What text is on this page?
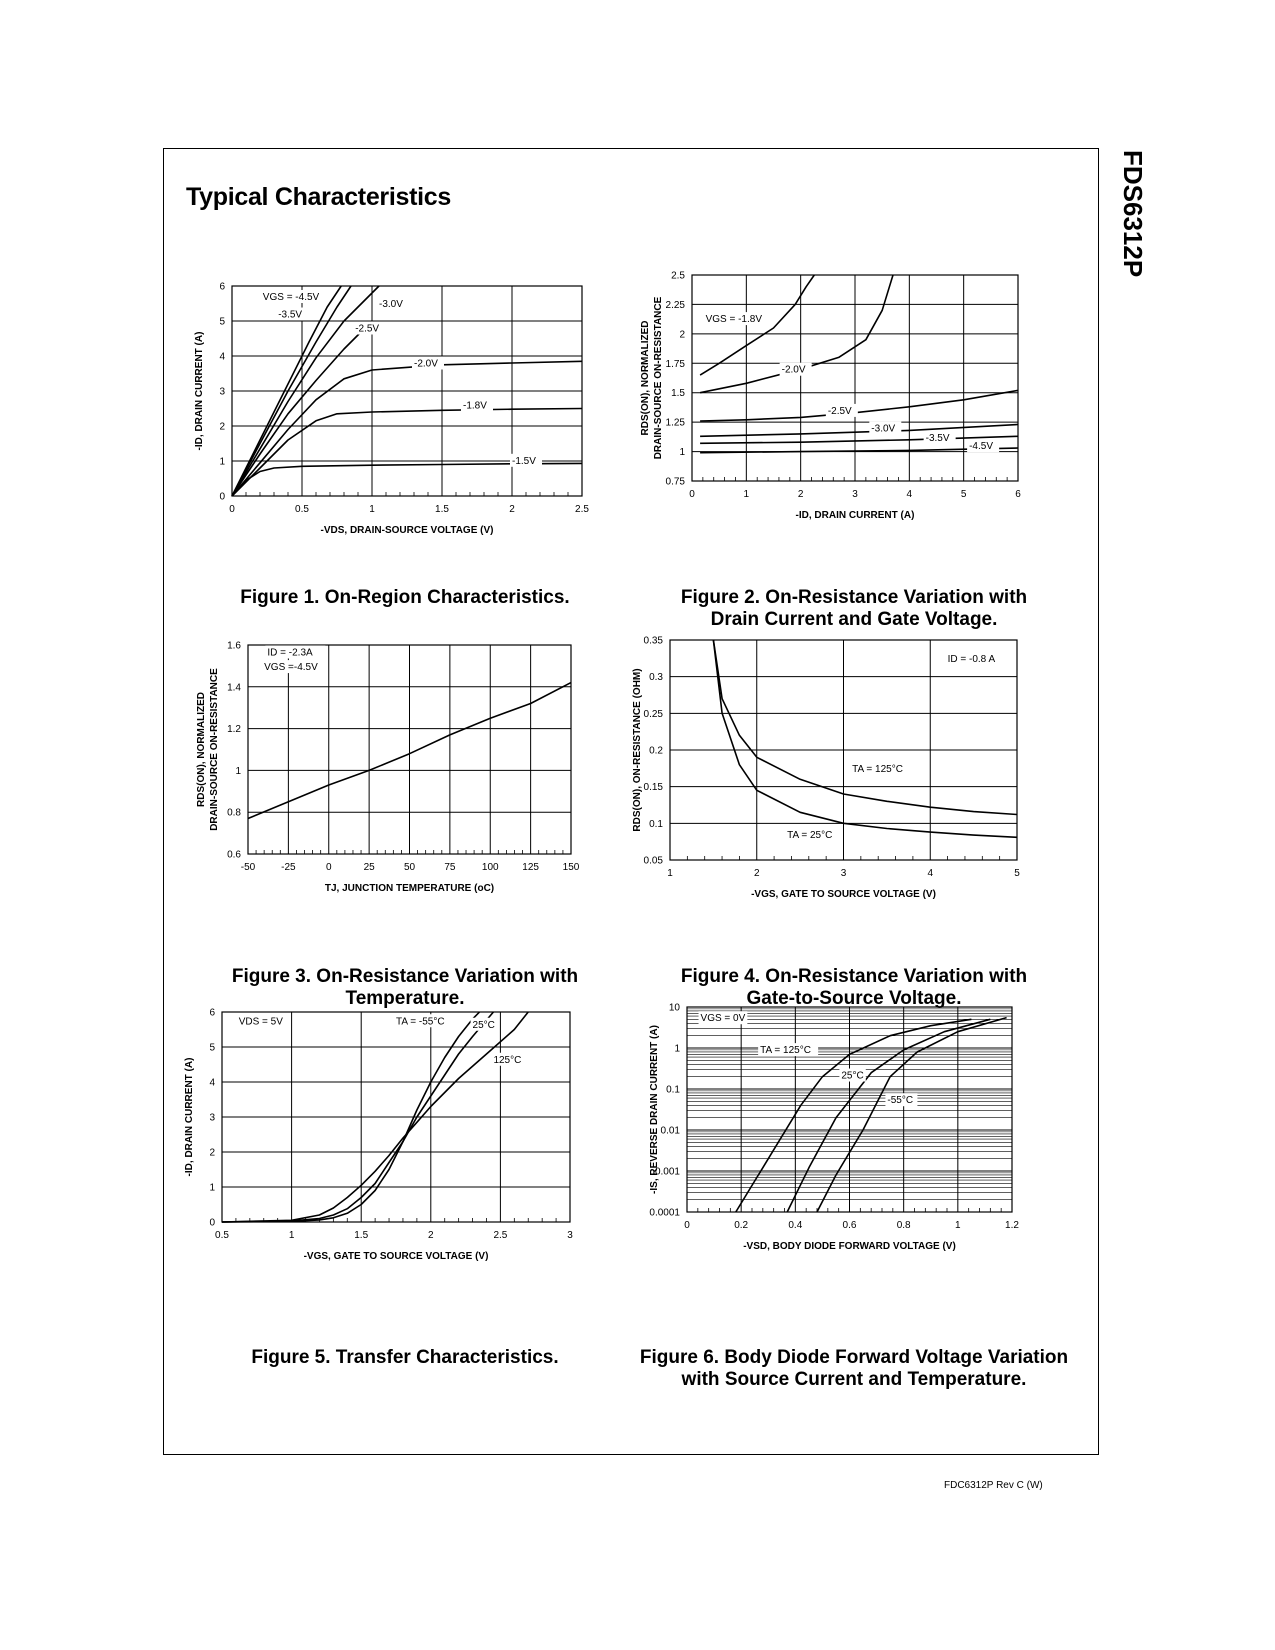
Typical Characteristics	FDS6312P
0	0.5	1	1.5	2	2.5
0
1
2
3
4
5
6
-VDS, DRAIN-SOURCE VOLTAGE (V)
-ID, DRAIN CURRENT (A)
VGS = -4.5V
-3.5V
-3.0V
-2.5V
-2.0V
-1.8V
-1.5V
0	1	2	3	4	5	6
0.75
1
1.25
1.5
1.75
2
2.25
2.5
-ID, DRAIN CURRENT (A)
RDS(ON), NORMALIZED DRAIN-SOURCE ON-RESISTANCE	VGS = -1.8V
-2.0V
-2.5V
-3.0V
-3.5V
-4.5V
-50	-25	0	25	50	75	100 125 150
0.6
0.8
1
1.2
1.4
1.6
TJ, JUNCTION TEMPERATURE (oC)
RDS(ON), NORMALIZED DRAIN-SOURCE ON-RESISTANCE
ID = -2.3A
VGS =-4.5V
1	2	3	4	5
0.05
0.1
0.15
0.2
0.25
0.3
0.35
-VGS, GATE TO SOURCE VOLTAGE (V)
RDS(ON), ON-RESISTANCE (OHM)
ID = -0.8 A
TA = 125°C
TA = 25°C
0.5	1	1.5	2	2.5	3
0
1
2
3
4
5
6
-VGS, GATE TO SOURCE VOLTAGE (V)
-ID, DRAIN CURRENT (A)
VDS = 5V	TA = -55°C	25°C
125°C
0	0.2	0.4	0.6	0.8	1	1.2
0.0001
0.001
0.01
0.1
1
10
-VSD, BODY DIODE FORWARD VOLTAGE (V)
-IS, REVERSE DRAIN CURRENT (A)
VGS = 0V
TA = 125°C
25°C
-55°C
Figure 1. On-Region Characteristics.	Figure 2. On-Resistance Variation with
Drain Current and Gate Voltage.
Figure 3. On-Resistance Variation with
Temperature.
Figure 4. On-Resistance Variation with
Gate-to-Source Voltage.
Figure 5. Transfer Characteristics.	Figure 6. Body Diode Forward Voltage Variation
with Source Current and Temperature.
FDC6312P Rev C (W)
